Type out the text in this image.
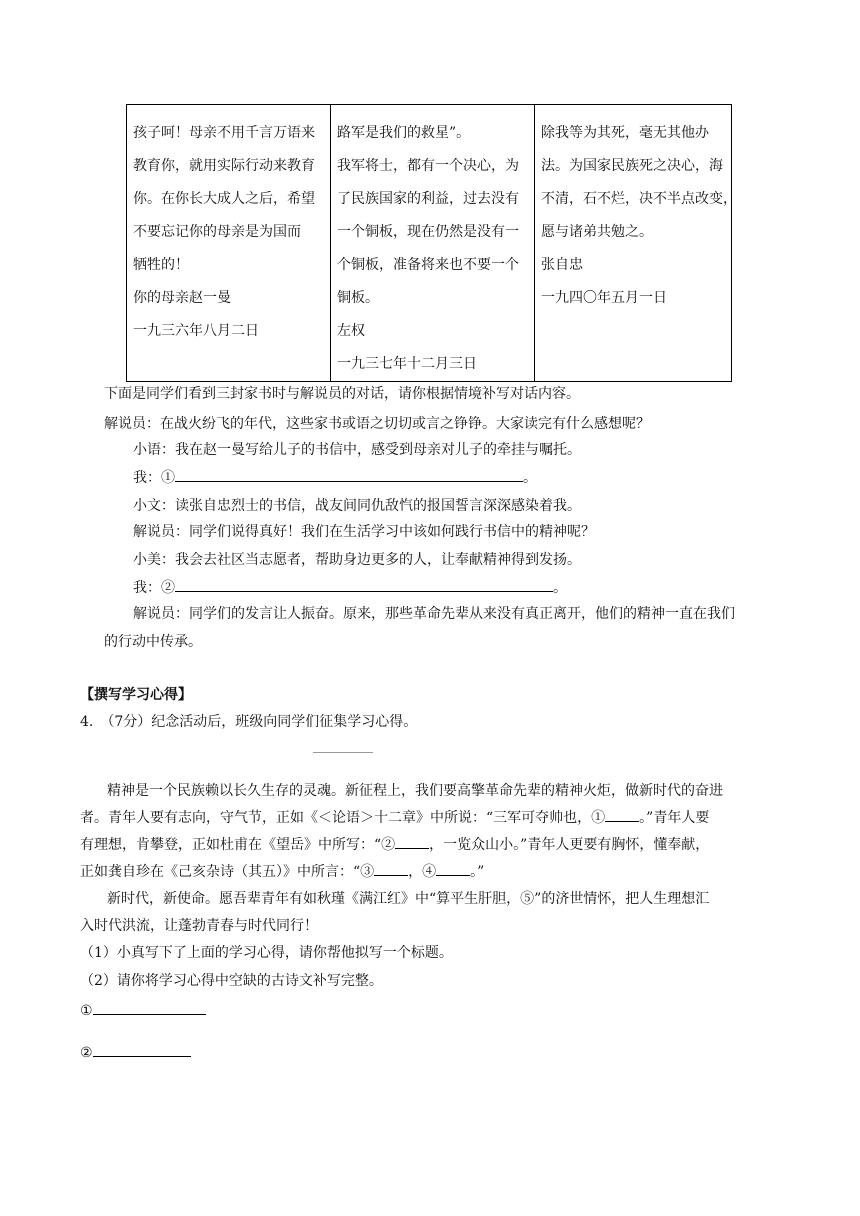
孩子呵！母亲不用千言万语来
教育你，就用实际行动来教育
你。在你长大成人之后，希望
不要忘记你的母亲是为国而
牺牲的！
你的母亲赵一曼
一九三六年八月二日

路军是我们的救星”。
我军将士，都有一个决心，为
了民族国家的利益，过去没有
一个铜板，现在仍然是没有一
个铜板，准备将来也不要一个
铜板。
左权
一九三七年十二月三日

除我等为其死，毫无其他办
法。为国家民族死之决心，海
不清，石不烂，决不半点改变，
愿与诸弟共勉之。
张自忠
一九四〇年五月一日
下面是同学们看到三封家书时与解说员的对话，请你根据情境补写对话内容。
解说员：在战火纷飞的年代，这些家书或语之切切或言之铮铮。大家读完有什么感想呢？
小语：我在赵一曼写给儿子的书信中，感受到母亲对儿子的牵挂与嘱托。
我：①	。
小文：读张自忠烈士的书信，战友间同仇敌忾的报国誓言深深感染着我。
解说员：同学们说得真好！我们在生活学习中该如何践行书信中的精神呢？
小美：我会去社区当志愿者，帮助身边更多的人，让奉献精神得到发扬。
我：②	。
解说员：同学们的发言让人振奋。原来，那些革命先辈从来没有真正离开，他们的精神一直在我们
的行动中传承。
【撰写学习心得】
4.　（7分）纪念活动后，班级向同学们征集学习心得。
精神是一个民族赖以长久生存的灵魂。新征程上，我们要高擎革命先辈的精神火炬，做新时代的奋进
者。青年人要有志向，守气节，正如《＜论语＞十二章》中所说：“三军可夺帅也，① 。”青年人要
有理想，肯攀登，正如杜甫在《望岳》中所写：“② ，一览众山小。”青年人更要有胸怀，懂奉献，
正如龚自珍在《己亥杂诗（其五）》中所言：“③ ，④ 。”
新时代，新使命。愿吾辈青年有如秋瑾《满江红》中“算平生肝胆，⑤”的济世情怀，把人生理想汇
入时代洪流，让蓬勃青春与时代同行！
（1）小真写下了上面的学习心得，请你帮他拟写一个标题。
（2）请你将学习心得中空缺的古诗文补写完整。
①
②
